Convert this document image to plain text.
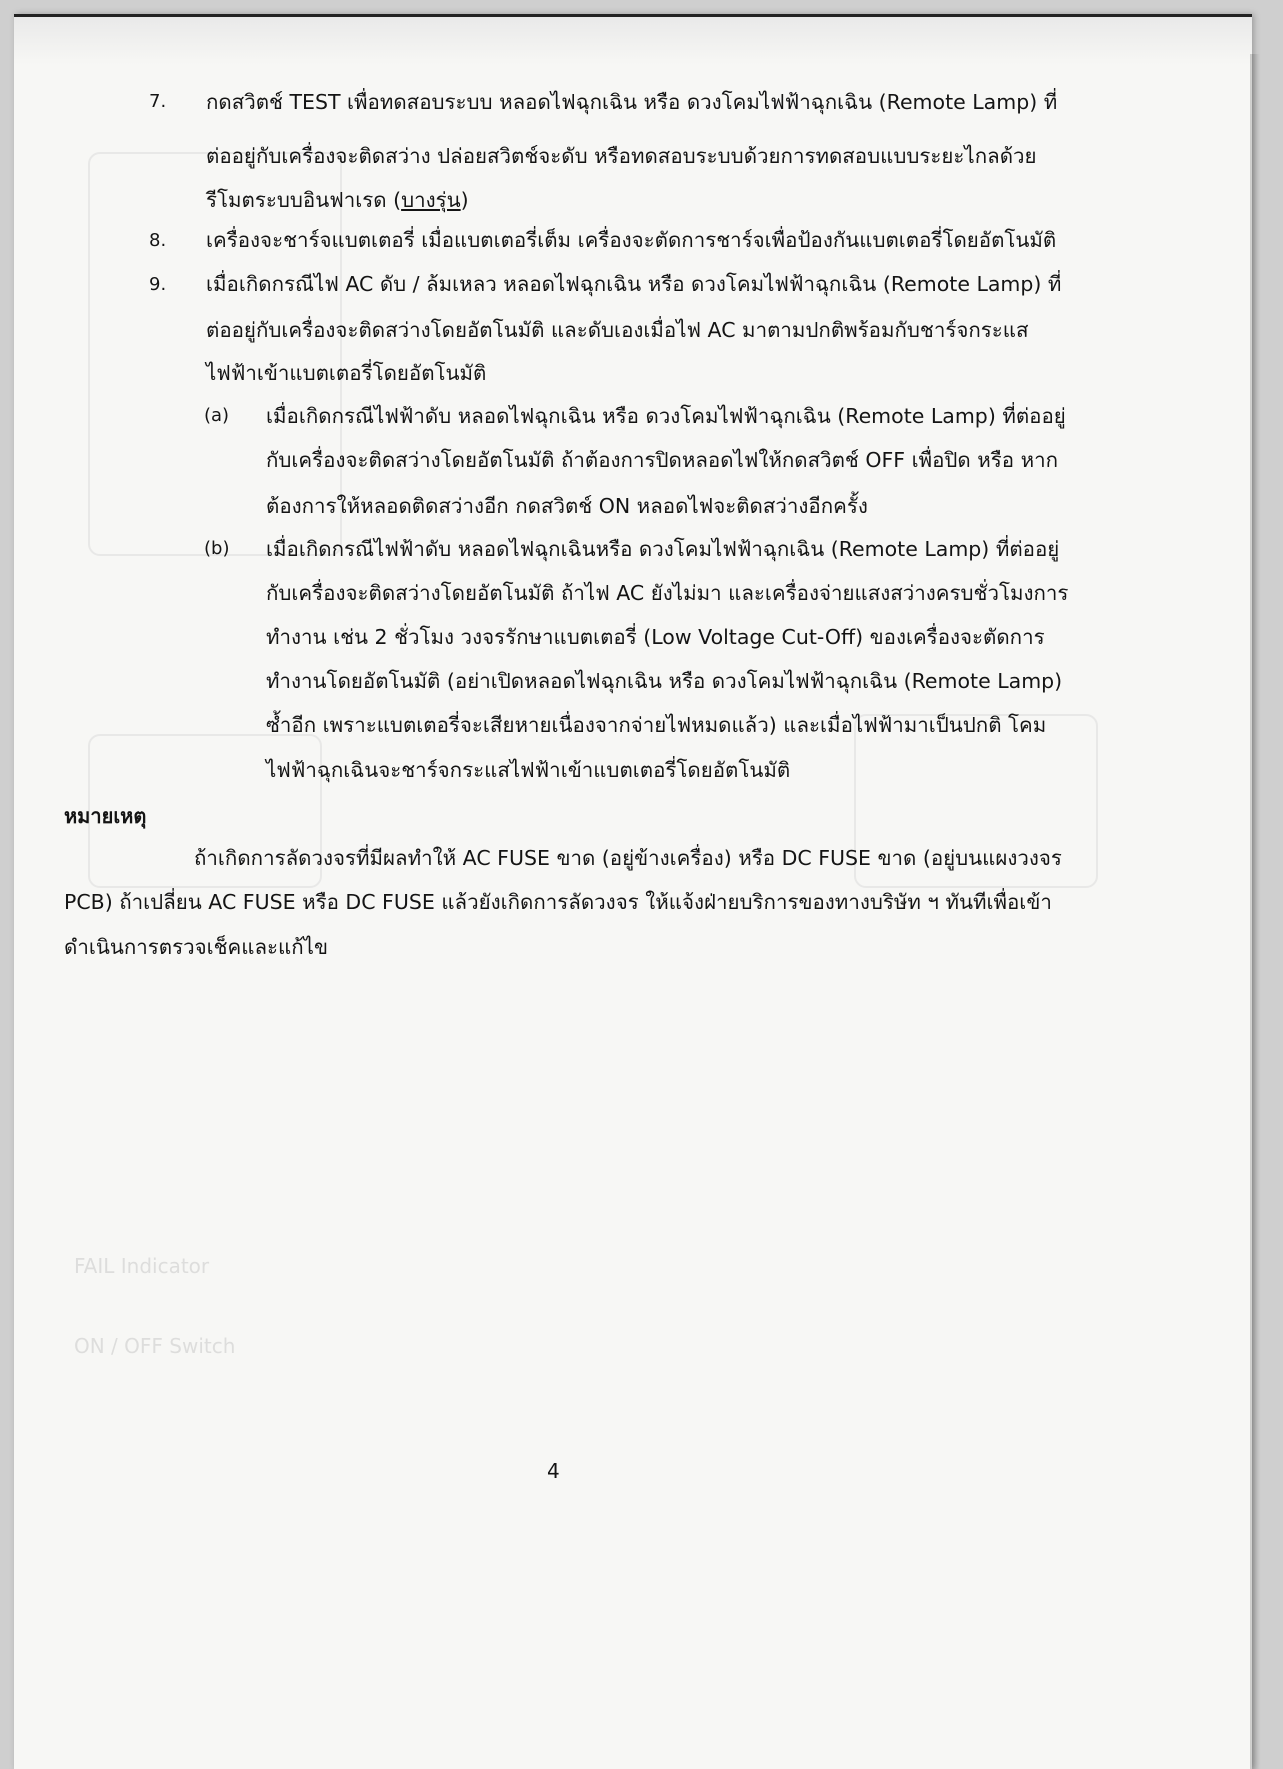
FAIL Indicator
ON / OFF Switch
7. กดสวิตช์ TEST เพื่อทดสอบระบบ หลอดไฟฉุกเฉิน หรือ ดวงโคมไฟฟ้าฉุกเฉิน (Remote Lamp) ที่
ต่ออยู่กับเครื่องจะติดสว่าง ปล่อยสวิตช์จะดับ หรือทดสอบระบบด้วยการทดสอบแบบระยะไกลด้วย
รีโมตระบบอินฟาเรด (บางรุ่น)
8. เครื่องจะชาร์จแบตเตอรี่ เมื่อแบตเตอรี่เต็ม เครื่องจะตัดการชาร์จเพื่อป้องกันแบตเตอรี่โดยอัตโนมัติ
9. เมื่อเกิดกรณีไฟ AC ดับ / ล้มเหลว หลอดไฟฉุกเฉิน หรือ ดวงโคมไฟฟ้าฉุกเฉิน (Remote Lamp) ที่
ต่ออยู่กับเครื่องจะติดสว่างโดยอัตโนมัติ และดับเองเมื่อไฟ AC มาตามปกติพร้อมกับชาร์จกระแส
ไฟฟ้าเข้าแบตเตอรี่โดยอัตโนมัติ
(a) เมื่อเกิดกรณีไฟฟ้าดับ หลอดไฟฉุกเฉิน หรือ ดวงโคมไฟฟ้าฉุกเฉิน (Remote Lamp) ที่ต่ออยู่
กับเครื่องจะติดสว่างโดยอัตโนมัติ ถ้าต้องการปิดหลอดไฟให้กดสวิตช์ OFF เพื่อปิด หรือ หาก
ต้องการให้หลอดติดสว่างอีก กดสวิตช์ ON หลอดไฟจะติดสว่างอีกครั้ง
(b) เมื่อเกิดกรณีไฟฟ้าดับ หลอดไฟฉุกเฉินหรือ ดวงโคมไฟฟ้าฉุกเฉิน (Remote Lamp) ที่ต่ออยู่
กับเครื่องจะติดสว่างโดยอัตโนมัติ ถ้าไฟ AC ยังไม่มา และเครื่องจ่ายแสงสว่างครบชั่วโมงการ
ทำงาน เช่น 2 ชั่วโมง วงจรรักษาแบตเตอรี่ (Low Voltage Cut-Off) ของเครื่องจะตัดการ
ทำงานโดยอัตโนมัติ (อย่าเปิดหลอดไฟฉุกเฉิน หรือ ดวงโคมไฟฟ้าฉุกเฉิน (Remote Lamp)
ซ้ำอีก เพราะแบตเตอรี่จะเสียหายเนื่องจากจ่ายไฟหมดแล้ว) และเมื่อไฟฟ้ามาเป็นปกติ โคม
ไฟฟ้าฉุกเฉินจะชาร์จกระแสไฟฟ้าเข้าแบตเตอรี่โดยอัตโนมัติ
หมายเหตุ
ถ้าเกิดการลัดวงจรที่มีผลทำให้ AC FUSE ขาด (อยู่ข้างเครื่อง) หรือ DC FUSE ขาด (อยู่บนแผงวงจร
PCB) ถ้าเปลี่ยน AC FUSE หรือ DC FUSE แล้วยังเกิดการลัดวงจร ให้แจ้งฝ่ายบริการของทางบริษัท ฯ ทันทีเพื่อเข้า
ดำเนินการตรวจเช็คและแก้ไข
4
